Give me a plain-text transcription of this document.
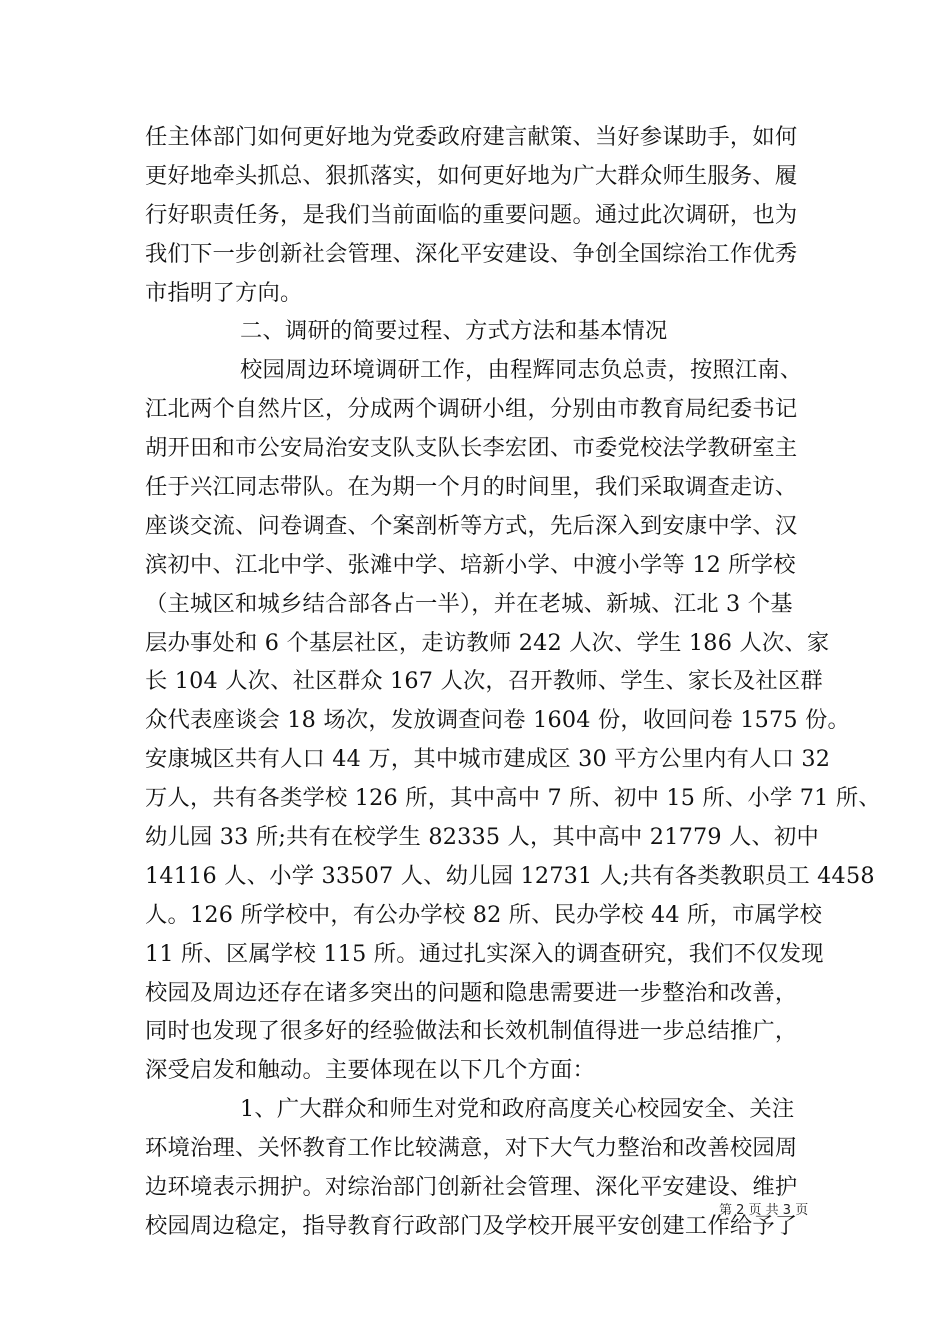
任主体部门如何更好地为党委政府建言献策、当好参谋助手，如何
更好地牵头抓总、狠抓落实，如何更好地为广大群众师生服务、履
行好职责任务，是我们当前面临的重要问题。通过此次调研，也为
我们下一步创新社会管理、深化平安建设、争创全国综治工作优秀
市指明了方向。
二、调研的简要过程、方式方法和基本情况
校园周边环境调研工作，由程辉同志负总责，按照江南、
江北两个自然片区，分成两个调研小组，分别由市教育局纪委书记
胡开田和市公安局治安支队支队长李宏团、市委党校法学教研室主
任于兴江同志带队。在为期一个月的时间里，我们采取调查走访、
座谈交流、问卷调查、个案剖析等方式，先后深入到安康中学、汉
滨初中、江北中学、张滩中学、培新小学、中渡小学等 12 所学校
（主城区和城乡结合部各占一半），并在老城、新城、江北 3 个基
层办事处和 6 个基层社区，走访教师 242 人次、学生 186 人次、家
长 104 人次、社区群众 167 人次，召开教师、学生、家长及社区群
众代表座谈会 18 场次，发放调查问卷 1604 份，收回问卷 1575 份。
安康城区共有人口 44 万，其中城市建成区 30 平方公里内有人口 32
万人，共有各类学校 126 所，其中高中 7 所、初中 15 所、小学 71 所、
幼儿园 33 所;共有在校学生 82335 人，其中高中 21779 人、初中
14116 人、小学 33507 人、幼儿园 12731 人;共有各类教职员工 4458
人。126 所学校中，有公办学校 82 所、民办学校 44 所，市属学校
11 所、区属学校 115 所。通过扎实深入的调查研究，我们不仅发现
校园及周边还存在诸多突出的问题和隐患需要进一步整治和改善，
同时也发现了很多好的经验做法和长效机制值得进一步总结推广，
深受启发和触动。主要体现在以下几个方面：
1、广大群众和师生对党和政府高度关心校园安全、关注
环境治理、关怀教育工作比较满意，对下大气力整治和改善校园周
边环境表示拥护。对综治部门创新社会管理、深化平安建设、维护
校园周边稳定，指导教育行政部门及学校开展平安创建工作给予了
第 2 页 共 3 页
